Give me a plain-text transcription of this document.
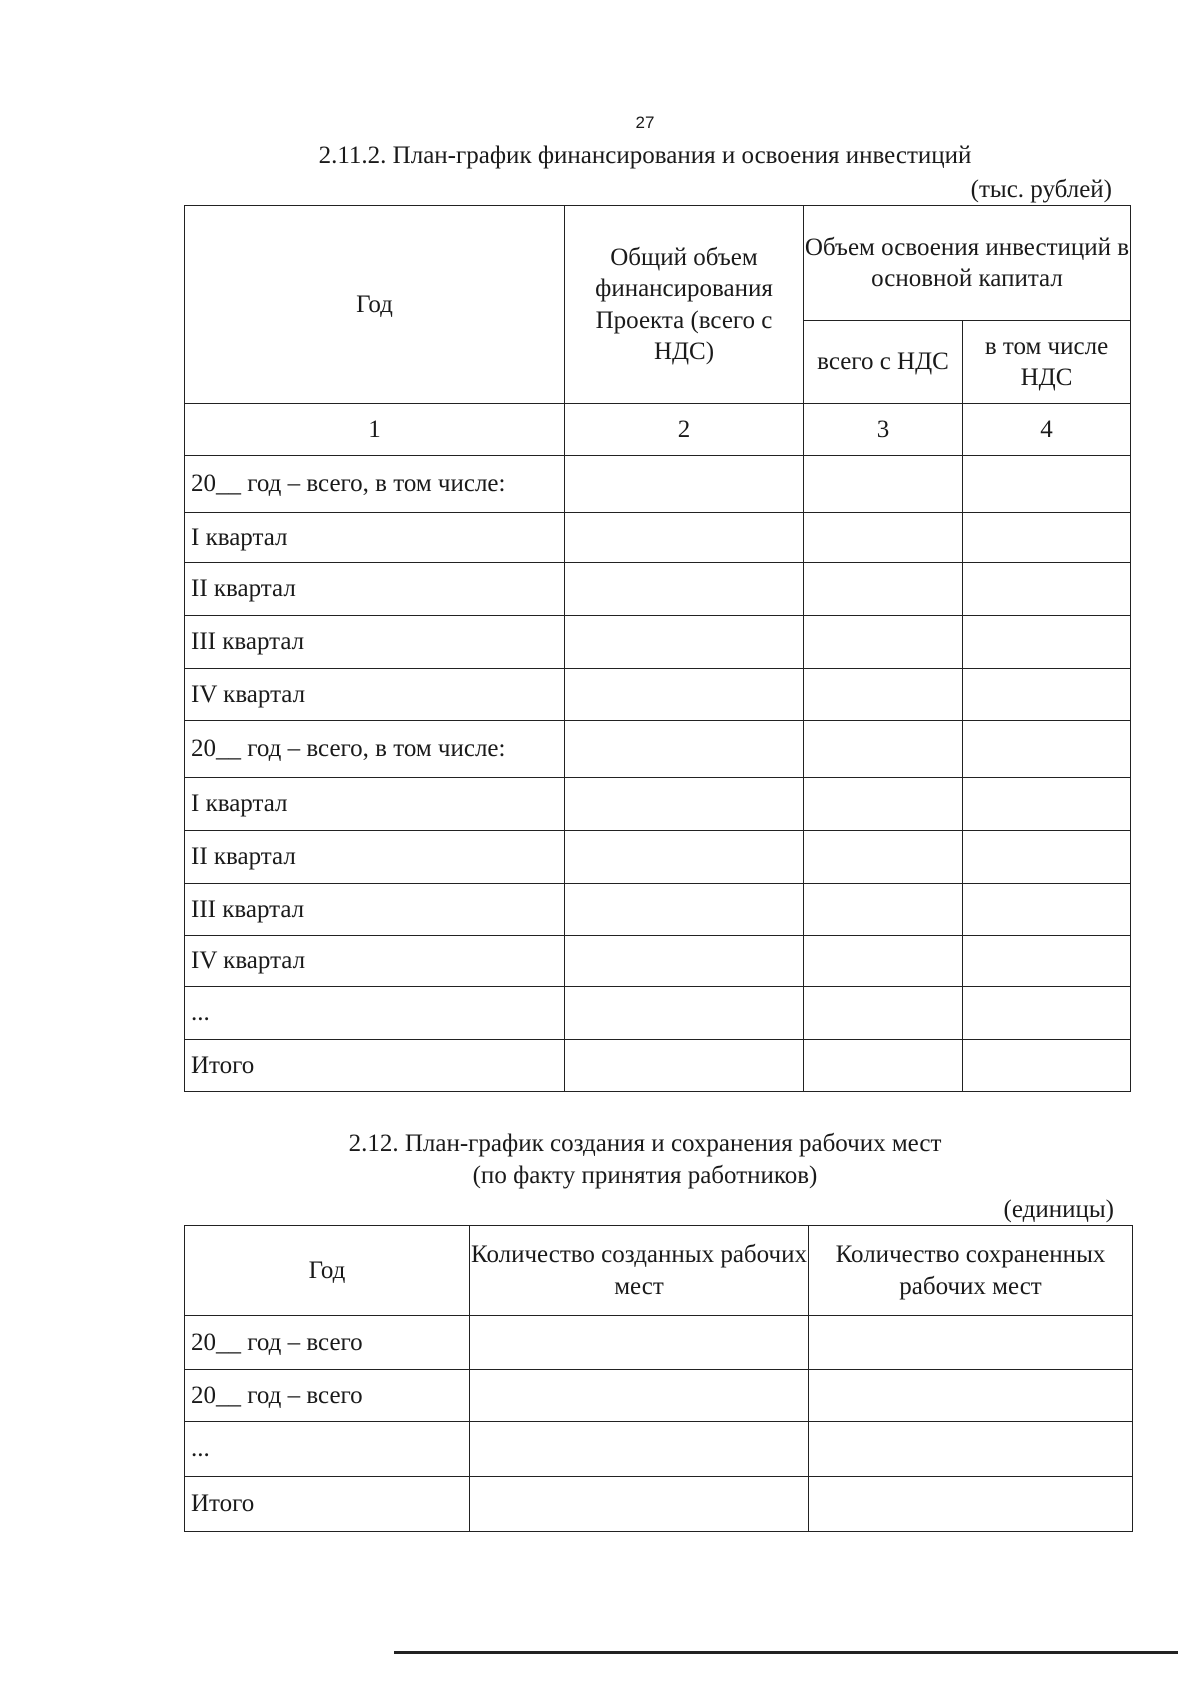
27
2.11.2. План-график финансирования и освоения инвестиций
(тыс. рублей)
Год	Общий объем финансирования Проекта (всего с НДС)	Объем освоения инвестиций в основной капитал	
		всего с НДС	в том числе НДС
1	2	3	4
20__ год – всего, в том числе:			
I квартал			
II квартал			
III квартал			
IV квартал			
20__ год – всего, в том числе:			
I квартал			
II квартал			
III квартал			
IV квартал			
...			
Итого			
2.12. План-график создания и сохранения рабочих мест
(по факту принятия работников)
(единицы)
Год	Количество созданных рабочих мест	Количество сохраненных рабочих мест
20__ год – всего		
20__ год – всего		
...		
Итого		
